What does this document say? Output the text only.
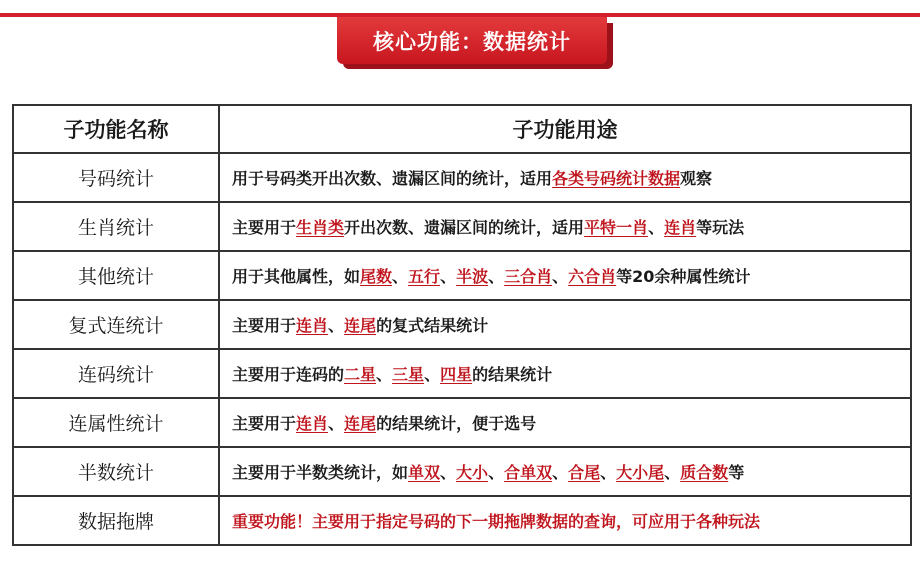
核心功能：数据统计
子功能名称	子功能用途
号码统计	用于号码类开出次数、遗漏区间的统计，适用各类号码统计数据观察
生肖统计	主要用于生肖类开出次数、遗漏区间的统计，适用平特一肖、连肖等玩法
其他统计	用于其他属性，如尾数、五行、半波、三合肖、六合肖等20余种属性统计
复式连统计	主要用于连肖、连尾的复式结果统计
连码统计	主要用于连码的二星、三星、四星的结果统计
连属性统计	主要用于连肖、连尾的结果统计，便于选号
半数统计	主要用于半数类统计，如单双、大小、合单双、合尾、大小尾、质合数等
数据拖牌	重要功能！主要用于指定号码的下一期拖牌数据的查询，可应用于各种玩法
